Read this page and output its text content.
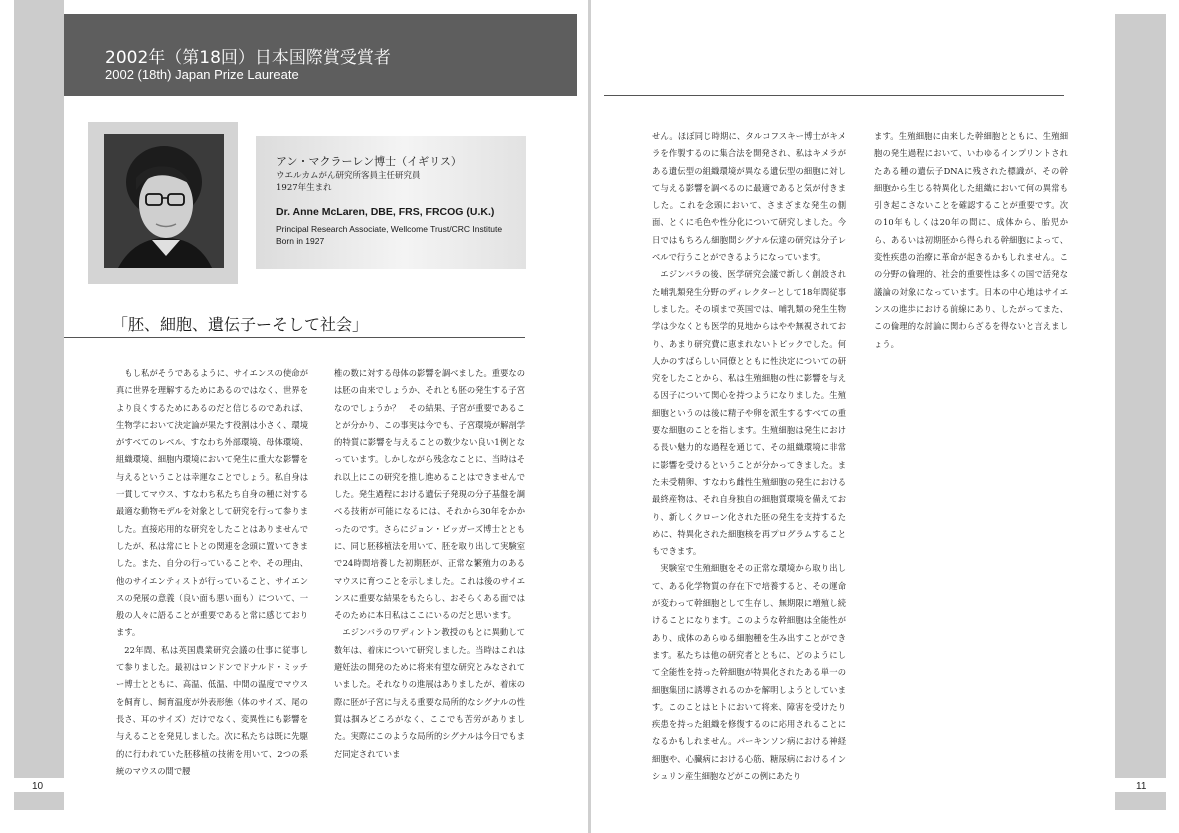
10
2002年（第18回）日本国際賞受賞者
2002 (18th) Japan Prize Laureate
アン・マクラーレン博士（イギリス）
ウエルカムがん研究所客員主任研究員
1927年生まれ
Dr. Anne McLaren, DBE, FRS, FRCOG (U.K.)
Principal Research Associate, Wellcome Trust/CRC Institute
Born in 1927
「胚、細胞、遺伝子ーそして社会」

もし私がそうであるように、サイエンスの使命が真に世界を理解するためにあるのではなく、世界をより良くするためにあるのだと信じるのであれば、生物学において決定論が果たす役割は小さく、環境がすべてのレベル、すなわち外部環境、母体環境、組織環境、細胞内環境において発生に重大な影響を与えるということは幸運なことでしょう。私自身は一貫してマウス、すなわち私たち自身の種に対する最適な動物モデルを対象として研究を行って参りました。直接応用的な研究をしたことはありませんでしたが、私は常にヒトとの関連を念頭に置いてきました。また、自分の行っていることや、その理由、他のサイエンティストが行っていること、サイエンスの発展の意義（良い面も悪い面も）について、一般の人々に語ることが重要であると常に感じております。

22年間、私は英国農業研究会議の仕事に従事して参りました。最初はロンドンでドナルド・ミッチー博士とともに、高温、低温、中間の温度でマウスを飼育し、飼育温度が外表形態（体のサイズ、尾の長さ、耳のサイズ）だけでなく、変異性にも影響を与えることを発見しました。次に私たちは既に先駆的に行われていた胚移植の技術を用いて、2つの系統のマウスの間で腰

椎の数に対する母体の影響を調べました。重要なのは胚の由来でしょうか、それとも胚の発生する子宮なのでしょうか？　その結果、子宮が重要であることが分かり、この事実は今でも、子宮環境が解剖学的特質に影響を与えることの数少ない良い1例となっています。しかしながら残念なことに、当時はそれ以上にこの研究を推し進めることはできませんでした。発生過程における遺伝子発現の分子基盤を調べる技術が可能になるには、それから30年をかかったのです。さらにジョン・ビッガーズ博士とともに、同じ胚移植法を用いて、胚を取り出して実験室で24時間培養した初期胚が、正常な繁殖力のあるマウスに育つことを示しました。これは後のサイエンスに重要な結果をもたらし、おそらくある面ではそのために本日私はここにいるのだと思います。

エジンバラのワディントン教授のもとに異動して数年は、着床について研究しました。当時はこれは避妊法の開発のために将来有望な研究とみなされていました。それなりの進展はありましたが、着床の際に胚が子宮に与える重要な局所的なシグナルの性質は掴みどころがなく、ここでも苦労がありました。実際にこのような局所的シグナルは今日でもまだ同定されていま

11

せん。ほぼ同じ時期に、タルコフスキー博士がキメラを作製するのに集合法を開発され、私はキメラがある遺伝型の組織環境が異なる遺伝型の細胞に対して与える影響を調べるのに最適であると気が付きました。これを念頭において、さまざまな発生の側面、とくに毛色や性分化について研究しました。今日ではもちろん細胞間シグナル伝達の研究は分子レベルで行うことができるようになっています。

エジンバラの後、医学研究会議で新しく創設された哺乳類発生分野のディレクターとして18年間従事しました。その頃まで英国では、哺乳類の発生生物学は少なくとも医学的見地からはやや無視されており、あまり研究費に恵まれないトピックでした。何人かのすばらしい同僚とともに性決定についての研究をしたことから、私は生殖細胞の性に影響を与える因子について関心を持つようになりました。生殖細胞というのは後に精子や卵を派生するすべての重要な細胞のことを指します。生殖細胞は発生における長い魅力的な過程を通じて、その組織環境に非常に影響を受けるということが分かってきました。また未受精卵、すなわち雌性生殖細胞の発生における最終産物は、それ自身独自の細胞質環境を備えており、新しくクローン化された胚の発生を支持するために、特異化された細胞核を再プログラムすることもできます。

実験室で生殖細胞をその正常な環境から取り出して、ある化学物質の存在下で培養すると、その運命が変わって幹細胞として生存し、無期限に増殖し続けることになります。このような幹細胞は全能性があり、成体のあらゆる細胞種を生み出すことができます。私たちは他の研究者とともに、どのようにして全能性を持った幹細胞が特異化されたある単一の細胞集団に誘導されるのかを解明しようとしています。このことはヒトにおいて将来、障害を受けたり疾患を持った組織を修復するのに応用されることになるかもしれません。パーキンソン病における神経細胞や、心臓病における心筋、糖尿病におけるインシュリン産生細胞などがこの例にあたり

ます。生殖細胞に由来した幹細胞とともに、生殖細胞の発生過程において、いわゆるインプリントされたある種の遺伝子DNAに残された標識が、その幹細胞から生じる特異化した組織において何の異常も引き起こさないことを確認することが重要です。次の10年もしくは20年の間に、成体から、胎児から、あるいは初期胚から得られる幹細胞によって、変性疾患の治療に革命が起きるかもしれません。この分野の倫理的、社会的重要性は多くの国で活発な議論の対象になっています。日本の中心地はサイエンスの進歩における前線にあり、したがってまた、この倫理的な討論に関わらざるを得ないと言えましょう。
